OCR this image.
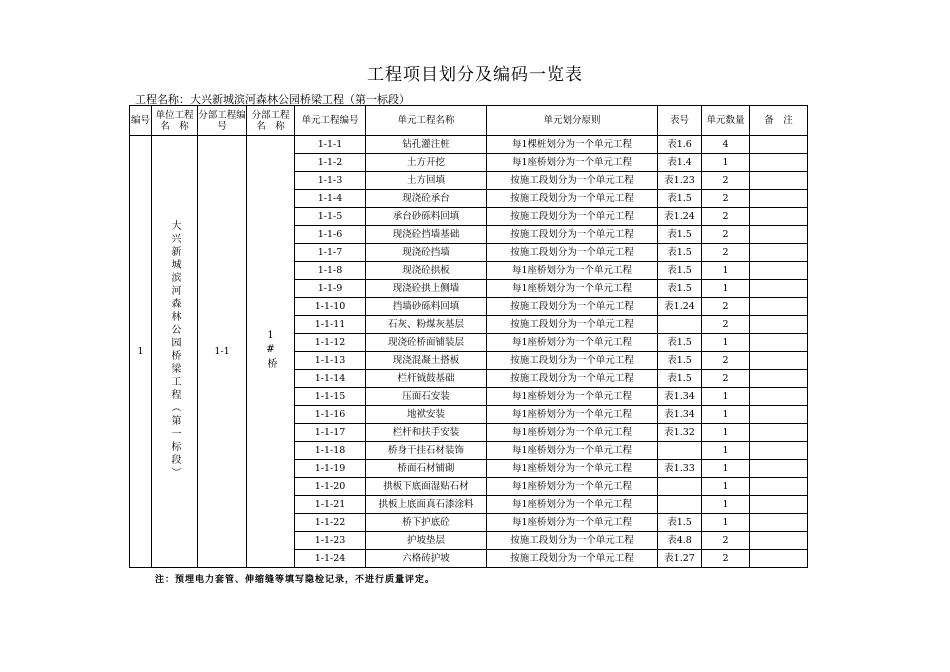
工程项目划分及编码一览表
工程名称：大兴新城滨河森林公园桥梁工程（第一标段）
编号	单位工程名　称	分部工程编　号	分部工程名　称	单元工程编号	单元工程名称	单元划分原则	表号	单元数量	备　注
1	大兴新城滨河森林公园桥梁工程（第一标段）	1-1	1#桥	1-1-1	钻孔灌注桩	每1棵桩划分为一个单元工程	表1.6	4	
				1-1-2	土方开挖	每1座桥划分为一个单元工程	表1.4	1	
				1-1-3	土方回填	按施工段划分为一个单元工程	表1.23	2	
				1-1-4	现浇砼承台	按施工段划分为一个单元工程	表1.5	2	
				1-1-5	承台砂砾料回填	按施工段划分为一个单元工程	表1.24	2	
				1-1-6	现浇砼挡墙基础	按施工段划分为一个单元工程	表1.5	2	
				1-1-7	现浇砼挡墙	按施工段划分为一个单元工程	表1.5	2	
				1-1-8	现浇砼拱板	每1座桥划分为一个单元工程	表1.5	1	
				1-1-9	现浇砼拱上侧墙	每1座桥划分为一个单元工程	表1.5	1	
				1-1-10	挡墙砂砾料回填	按施工段划分为一个单元工程	表1.24	2	
				1-1-11	石灰、粉煤灰基层	按施工段划分为一个单元工程		2	
				1-1-12	现浇砼桥面铺装层	每1座桥划分为一个单元工程	表1.5	1	
				1-1-13	现浇混凝土搭板	按施工段划分为一个单元工程	表1.5	2	
				1-1-14	栏杆钺鼓基础	按施工段划分为一个单元工程	表1.5	2	
				1-1-15	压面石安装	每1座桥划分为一个单元工程	表1.34	1	
				1-1-16	地袱安装	每1座桥划分为一个单元工程	表1.34	1	
				1-1-17	栏杆和扶手安装	每1座桥划分为一个单元工程	表1.32	1	
				1-1-18	桥身干挂石材装饰	每1座桥划分为一个单元工程		1	
				1-1-19	桥面石材铺砌	每1座桥划分为一个单元工程	表1.33	1	
				1-1-20	拱板下底面湿贴石材	每1座桥划分为一个单元工程		1	
				1-1-21	拱板上底面真石漆涂料	每1座桥划分为一个单元工程		1	
				1-1-22	桥下护底砼	每1座桥划分为一个单元工程	表1.5	1	
				1-1-23	护坡垫层	按施工段划分为一个单元工程	表4.8	2	
				1-1-24	六格砖护坡	按施工段划分为一个单元工程	表1.27	2	
注：预埋电力套管、伸缩缝等填写隐检记录，不进行质量评定。
